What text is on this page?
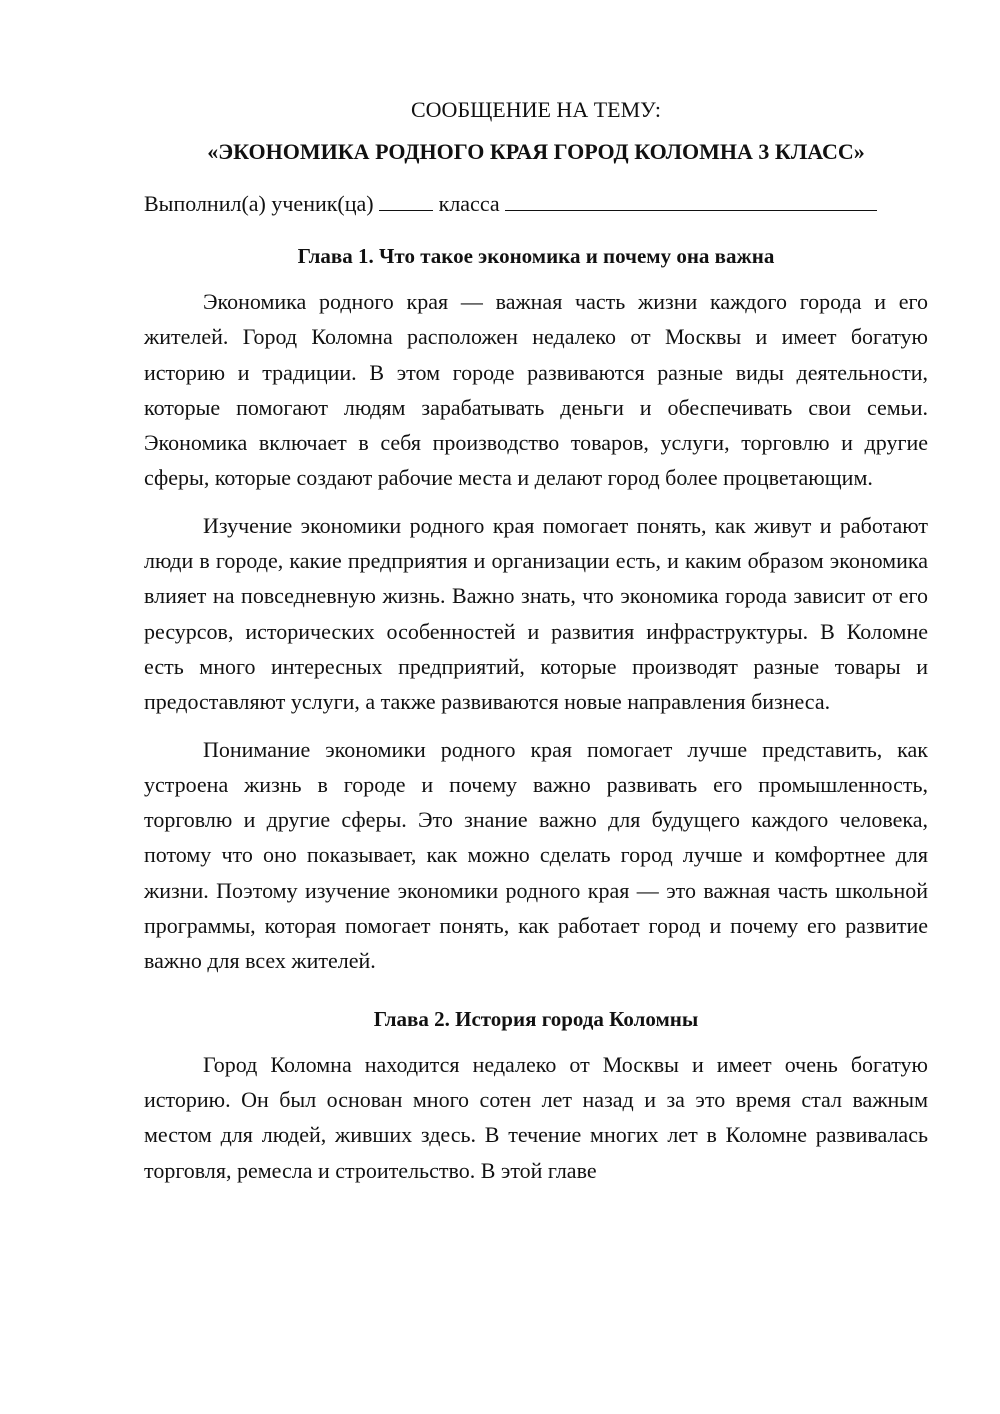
СООБЩЕНИЕ НА ТЕМУ:

«ЭКОНОМИКА РОДНОГО КРАЯ ГОРОД КОЛОМНА 3 КЛАСС»

Выполнил(а) ученик(ца)	класса

Глава 1. Что такое экономика и почему она важна

Экономика родного края — важная часть жизни каждого города и его жителей. Город Коломна расположен недалеко от Москвы и имеет богатую историю и традиции. В этом городе развиваются разные виды деятельности, которые помогают людям зарабатывать деньги и обеспечивать свои семьи. Экономика включает в себя производство товаров, услуги, торговлю и другие сферы, которые создают рабочие места и делают город более процветающим.

Изучение экономики родного края помогает понять, как живут и работают люди в городе, какие предприятия и организации есть, и каким образом экономика влияет на повседневную жизнь. Важно знать, что экономика города зависит от его ресурсов, исторических особенностей и развития инфраструктуры. В Коломне есть много интересных предприятий, которые производят разные товары и предоставляют услуги, а также развиваются новые направления бизнеса.

Понимание экономики родного края помогает лучше представить, как устроена жизнь в городе и почему важно развивать его промышленность, торговлю и другие сферы. Это знание важно для будущего каждого человека, потому что оно показывает, как можно сделать город лучше и комфортнее для жизни. Поэтому изучение экономики родного края — это важная часть школьной программы, которая помогает понять, как работает город и почему его развитие важно для всех жителей.

Глава 2. История города Коломны

Город Коломна находится недалеко от Москвы и имеет очень богатую историю. Он был основан много сотен лет назад и за это время стал важным местом для людей, живших здесь. В течение многих лет в Коломне развивалась торговля, ремесла и строительство. В этой главе
